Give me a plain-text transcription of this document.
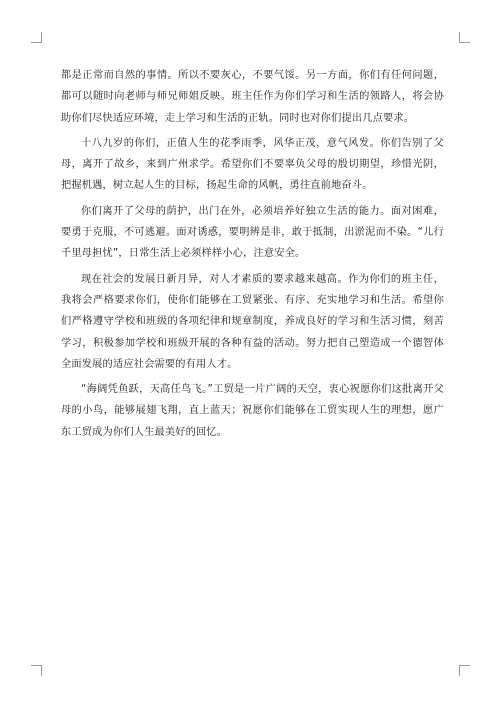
都是正常而自然的事情。所以不要灰心，不要气馁。另一方面，你们有任何问题，都可以随时向老师与师兄师姐反映。班主任作为你们学习和生活的领路人，将会协助你们尽快适应环境，走上学习和生活的正轨。同时也对你们提出几点要求。

十八九岁的你们，正值人生的花季雨季，风华正茂，意气风发。你们告别了父母，离开了故乡，来到广州求学。希望你们不要辜负父母的殷切期望，珍惜光阴，把握机遇，树立起人生的目标，扬起生命的风帆，勇往直前地奋斗。

你们离开了父母的荫护，出门在外，必须培养好独立生活的能力。面对困难，要勇于克服，不可逃避。面对诱惑，要明辨是非，敢于抵制，出淤泥而不染。“儿行千里母担忧”，日常生活上必须样样小心，注意安全。

现在社会的发展日新月异，对人才素质的要求越来越高。作为你们的班主任，我将会严格要求你们，使你们能够在工贸紧张、有序、充实地学习和生活。希望你们严格遵守学校和班级的各项纪律和规章制度，养成良好的学习和生活习惯，刻苦学习，积极参加学校和班级开展的各种有益的活动。努力把自己塑造成一个德智体全面发展的适应社会需要的有用人才。

“海阔凭鱼跃，天高任鸟飞。”工贸是一片广阔的天空，衷心祝愿你们这批离开父母的小鸟，能够展翅飞翔，直上蓝天；祝愿你们能够在工贸实现人生的理想，愿广东工贸成为你们人生最美好的回忆。
